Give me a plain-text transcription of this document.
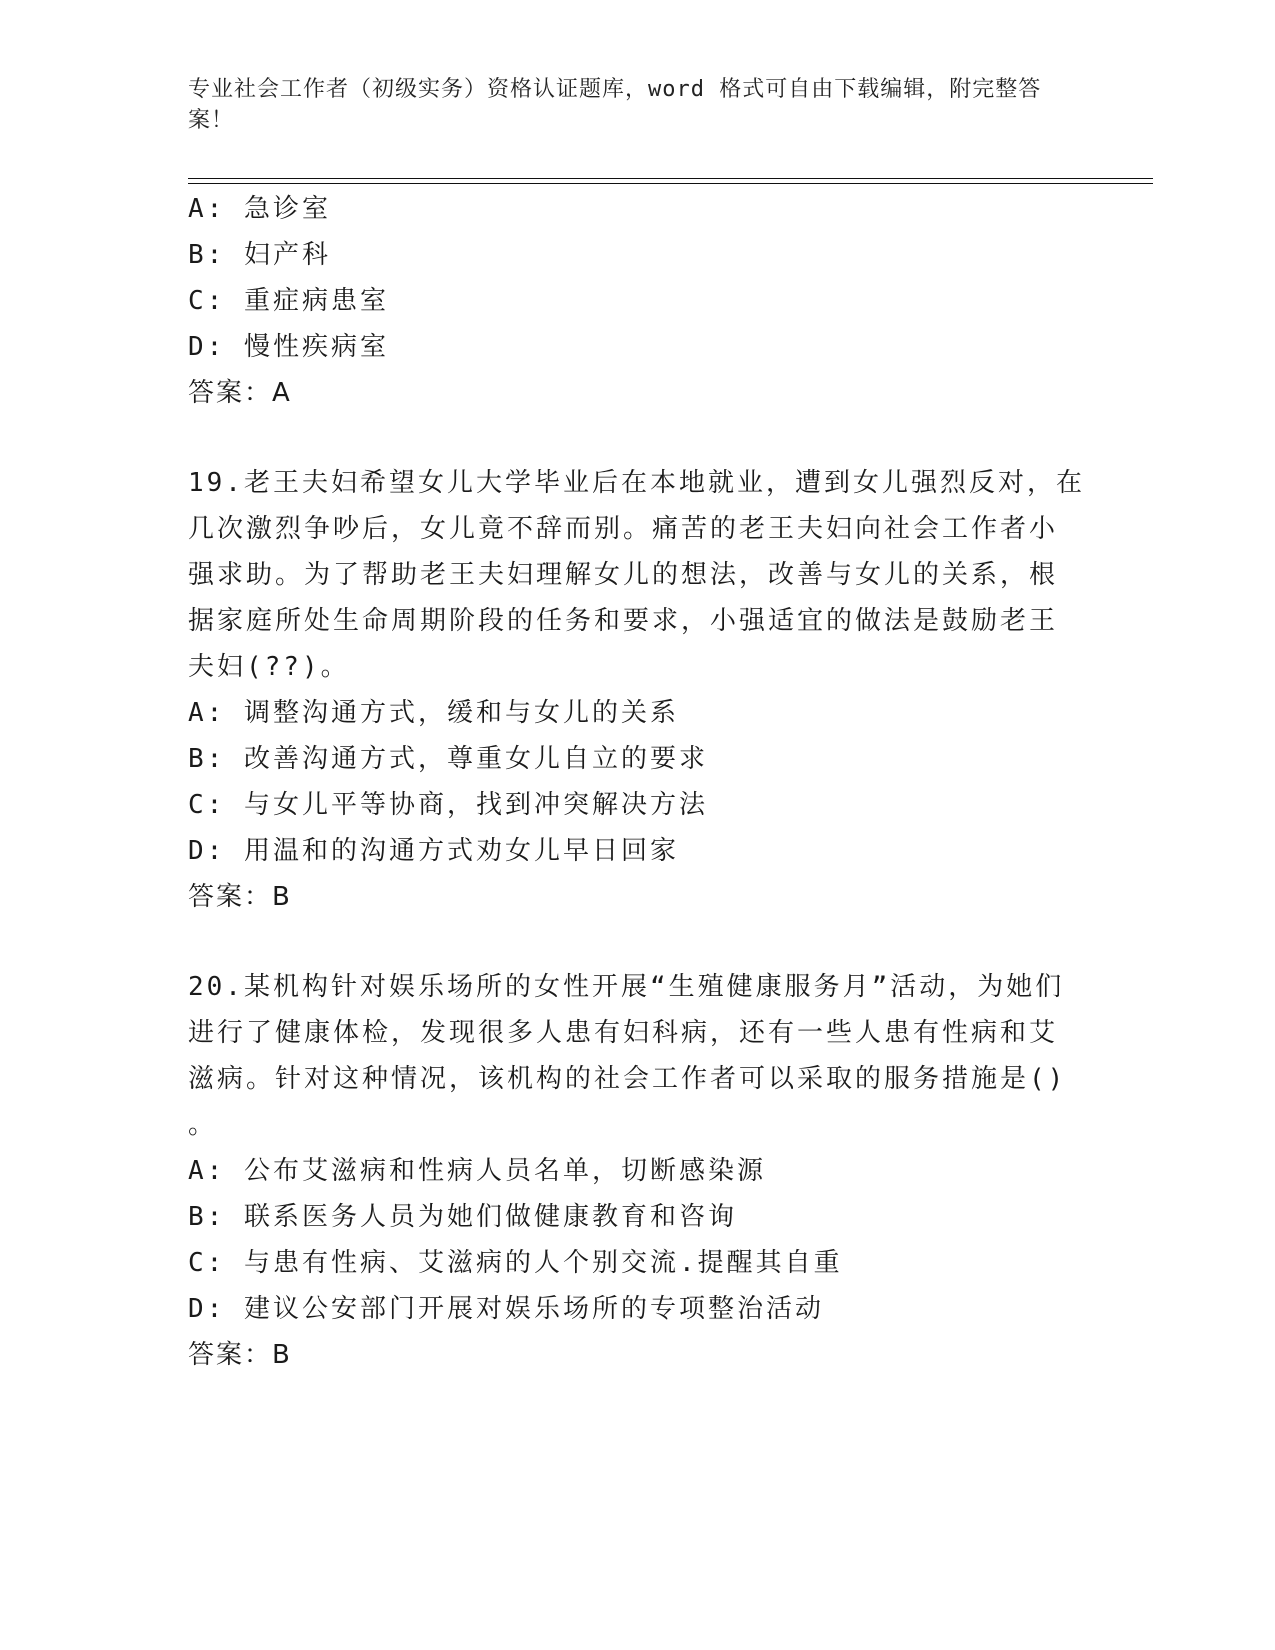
专业社会工作者（初级实务）资格认证题库，word 格式可自由下载编辑，附完整答案！
A: 急诊室
B: 妇产科
C: 重症病患室
D: 慢性疾病室
答案：A
19.老王夫妇希望女儿大学毕业后在本地就业，遭到女儿强烈反对，在
几次激烈争吵后，女儿竟不辞而别。痛苦的老王夫妇向社会工作者小
强求助。为了帮助老王夫妇理解女儿的想法，改善与女儿的关系，根
据家庭所处生命周期阶段的任务和要求，小强适宜的做法是鼓励老王
夫妇(??)。
A: 调整沟通方式，缓和与女儿的关系
B: 改善沟通方式，尊重女儿自立的要求
C: 与女儿平等协商，找到冲突解决方法
D: 用温和的沟通方式劝女儿早日回家
答案：B
20.某机构针对娱乐场所的女性开展“生殖健康服务月”活动，为她们
进行了健康体检，发现很多人患有妇科病，还有一些人患有性病和艾
滋病。针对这种情况，该机构的社会工作者可以采取的服务措施是()
。
A: 公布艾滋病和性病人员名单，切断感染源
B: 联系医务人员为她们做健康教育和咨询
C: 与患有性病、艾滋病的人个别交流.提醒其自重
D: 建议公安部门开展对娱乐场所的专项整治活动
答案：B
